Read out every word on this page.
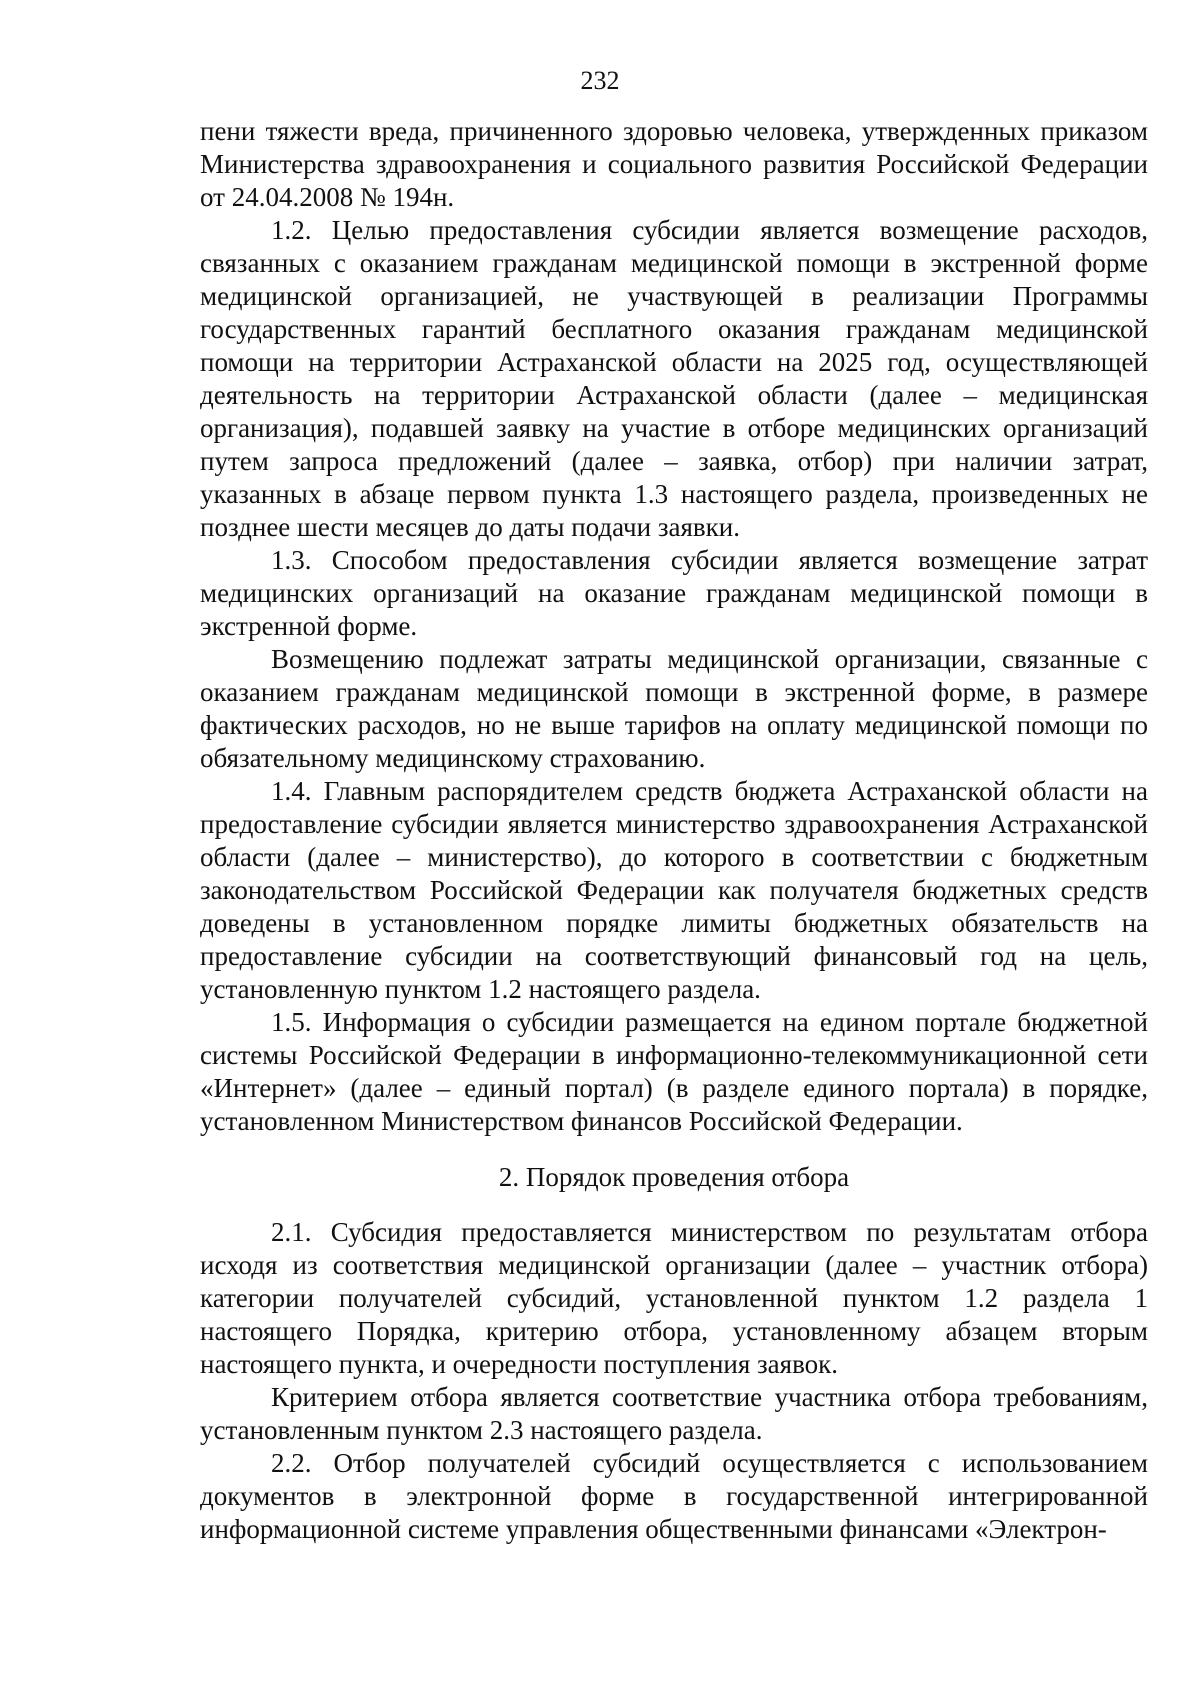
232

пени тяжести вреда, причиненного здоровью человека, утвержденных приказом Министерства здравоохранения и социального развития Российской Федерации от 24.04.2008 № 194н.

1.2. Целью предоставления субсидии является возмещение расходов, связанных с оказанием гражданам медицинской помощи в экстренной форме медицинской организацией, не участвующей в реализации Программы государственных гарантий бесплатного оказания гражданам медицинской помощи на территории Астраханской области на 2025 год, осуществляющей деятельность на территории Астраханской области (далее – медицинская организация), подавшей заявку на участие в отборе медицинских организаций путем запроса предложений (далее – заявка, отбор) при наличии затрат, указанных в абзаце первом пункта 1.3 настоящего раздела, произведенных не позднее шести месяцев до даты подачи заявки.

1.3. Способом предоставления субсидии является возмещение затрат медицинских организаций на оказание гражданам медицинской помощи в экстренной форме.

Возмещению подлежат затраты медицинской организации, связанные с оказанием гражданам медицинской помощи в экстренной форме, в размере фактических расходов, но не выше тарифов на оплату медицинской помощи по обязательному медицинскому страхованию.

1.4. Главным распорядителем средств бюджета Астраханской области на предоставление субсидии является министерство здравоохранения Астраханской области (далее – министерство), до которого в соответствии с бюджетным законодательством Российской Федерации как получателя бюджетных средств доведены в установленном порядке лимиты бюджетных обязательств на предоставление субсидии на соответствующий финансовый год на цель, установленную пунктом 1.2 настоящего раздела.

1.5. Информация о субсидии размещается на едином портале бюджетной системы Российской Федерации в информационно-телекоммуникационной сети «Интернет» (далее – единый портал) (в разделе единого портала) в порядке, установленном Министерством финансов Российской Федерации.

2. Порядок проведения отбора

2.1. Субсидия предоставляется министерством по результатам отбора исходя из соответствия медицинской организации (далее – участник отбора) категории получателей субсидий, установленной пунктом 1.2 раздела 1 настоящего Порядка, критерию отбора, установленному абзацем вторым настоящего пункта, и очередности поступления заявок.

Критерием отбора является соответствие участника отбора требованиям, установленным пунктом 2.3 настоящего раздела.

2.2. Отбор получателей субсидий осуществляется с использованием документов в электронной форме в государственной интегрированной информационной системе управления общественными финансами «Электрон-
